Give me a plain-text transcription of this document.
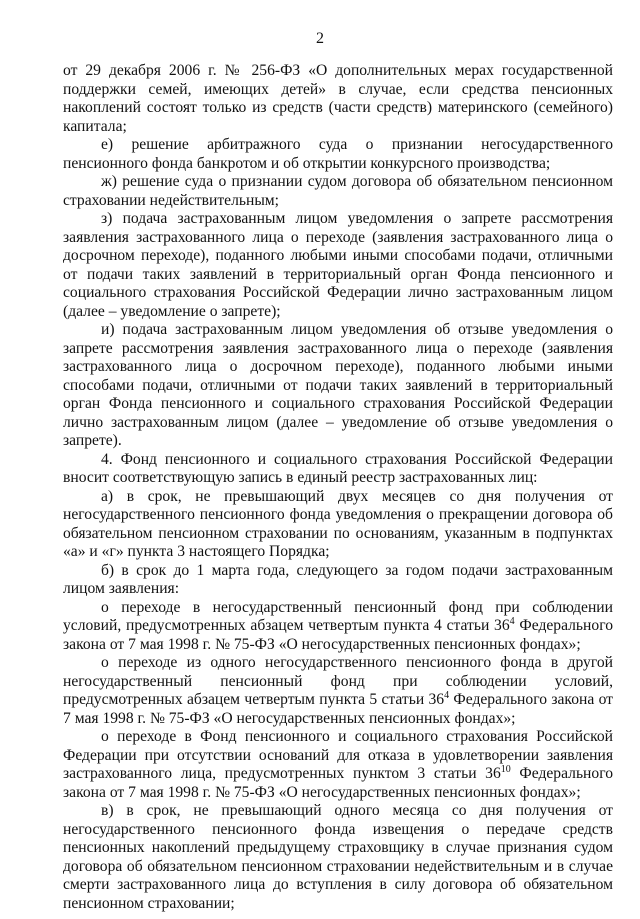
2

от 29 декабря 2006 г. № 256-ФЗ «О дополнительных мерах государственной поддержки семей, имеющих детей» в случае, если средства пенсионных накоплений состоят только из средств (части средств) материнского (семейного) капитала;

е) решение арбитражного суда о признании негосударственного пенсионного фонда банкротом и об открытии конкурсного производства;

ж) решение суда о признании судом договора об обязательном пенсионном страховании недействительным;

з) подача застрахованным лицом уведомления о запрете рассмотрения заявления застрахованного лица о переходе (заявления застрахованного лица о досрочном переходе), поданного любыми иными способами подачи, отличными от подачи таких заявлений в территориальный орган Фонда пенсионного и социального страхования Российской Федерации лично застрахованным лицом (далее – уведомление о запрете);

и) подача застрахованным лицом уведомления об отзыве уведомления о запрете рассмотрения заявления застрахованного лица о переходе (заявления застрахованного лица о досрочном переходе), поданного любыми иными способами подачи, отличными от подачи таких заявлений в территориальный орган Фонда пенсионного и социального страхования Российской Федерации лично застрахованным лицом (далее – уведомление об отзыве уведомления о запрете).

4. Фонд пенсионного и социального страхования Российской Федерации вносит соответствующую запись в единый реестр застрахованных лиц:

а) в срок, не превышающий двух месяцев со дня получения от негосударственного пенсионного фонда уведомления о прекращении договора об обязательном пенсионном страховании по основаниям, указанным в подпунктах «а» и «г» пункта 3 настоящего Порядка;

б) в срок до 1 марта года, следующего за годом подачи застрахованным лицом заявления:

о переходе в негосударственный пенсионный фонд при соблюдении условий, предусмотренных абзацем четвертым пункта 4 статьи $36^4$ Федерального закона от 7 мая 1998 г. № 75-ФЗ «О негосударственных пенсионных фондах»;

о переходе из одного негосударственного пенсионного фонда в другой негосударственный пенсионный фонд при соблюдении условий, предусмотренных абзацем четвертым пункта 5 статьи $36^4$ Федерального закона от 7 мая 1998 г. № 75-ФЗ «О негосударственных пенсионных фондах»;

о переходе в Фонд пенсионного и социального страхования Российской Федерации при отсутствии оснований для отказа в удовлетворении заявления застрахованного лица, предусмотренных пунктом 3 статьи $36^{10}$ Федерального закона от 7 мая 1998 г. № 75-ФЗ «О негосударственных пенсионных фондах»;

в) в срок, не превышающий одного месяца со дня получения от негосударственного пенсионного фонда извещения о передаче средств пенсионных накоплений предыдущему страховщику в случае признания судом договора об обязательном пенсионном страховании недействительным и в случае смерти застрахованного лица до вступления в силу договора об обязательном пенсионном страховании;
